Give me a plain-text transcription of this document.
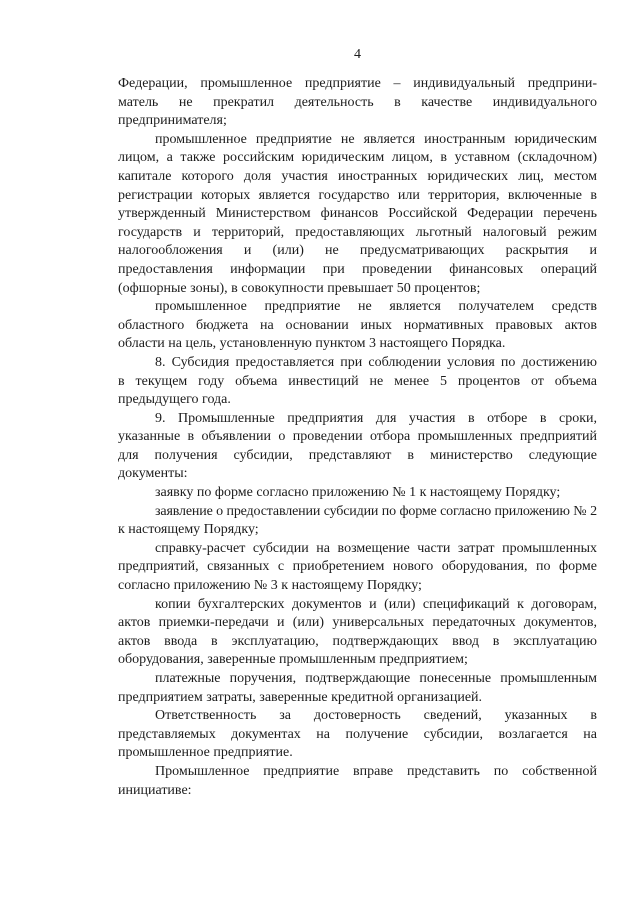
4
Федерации, промышленное предприятие – индивидуальный предприни-
матель не прекратил деятельность в качестве индивидуального
предпринимателя;
промышленное предприятие не является иностранным юридическим
лицом, а также российским юридическим лицом, в уставном (складочном)
капитале которого доля участия иностранных юридических лиц, местом
регистрации которых является государство или территория, включенные в
утвержденный Министерством финансов Российской Федерации перечень
государств и территорий, предоставляющих льготный налоговый режим
налогообложения и (или) не предусматривающих раскрытия и
предоставления информации при проведении финансовых операций
(офшорные зоны), в совокупности превышает 50 процентов;
промышленное предприятие не является получателем средств
областного бюджета на основании иных нормативных правовых актов
области на цель, установленную пунктом 3 настоящего Порядка.
8. Субсидия предоставляется при соблюдении условия по достижению
в текущем году объема инвестиций не менее 5 процентов от объема
предыдущего года.
9. Промышленные предприятия для участия в отборе в сроки,
указанные в объявлении о проведении отбора промышленных предприятий
для получения субсидии, представляют в министерство следующие
документы:
заявку по форме согласно приложению № 1 к настоящему Порядку;
заявление о предоставлении субсидии по форме согласно приложению № 2
к настоящему Порядку;
справку-расчет субсидии на возмещение части затрат промышленных
предприятий, связанных с приобретением нового оборудования, по форме
согласно приложению № 3 к настоящему Порядку;
копии бухгалтерских документов и (или) спецификаций к договорам,
актов приемки-передачи и (или) универсальных передаточных документов,
актов ввода в эксплуатацию, подтверждающих ввод в эксплуатацию
оборудования, заверенные промышленным предприятием;
платежные поручения, подтверждающие понесенные промышленным
предприятием затраты, заверенные кредитной организацией.
Ответственность за достоверность сведений, указанных в
представляемых документах на получение субсидии, возлагается на
промышленное предприятие.
Промышленное предприятие вправе представить по собственной
инициативе:
